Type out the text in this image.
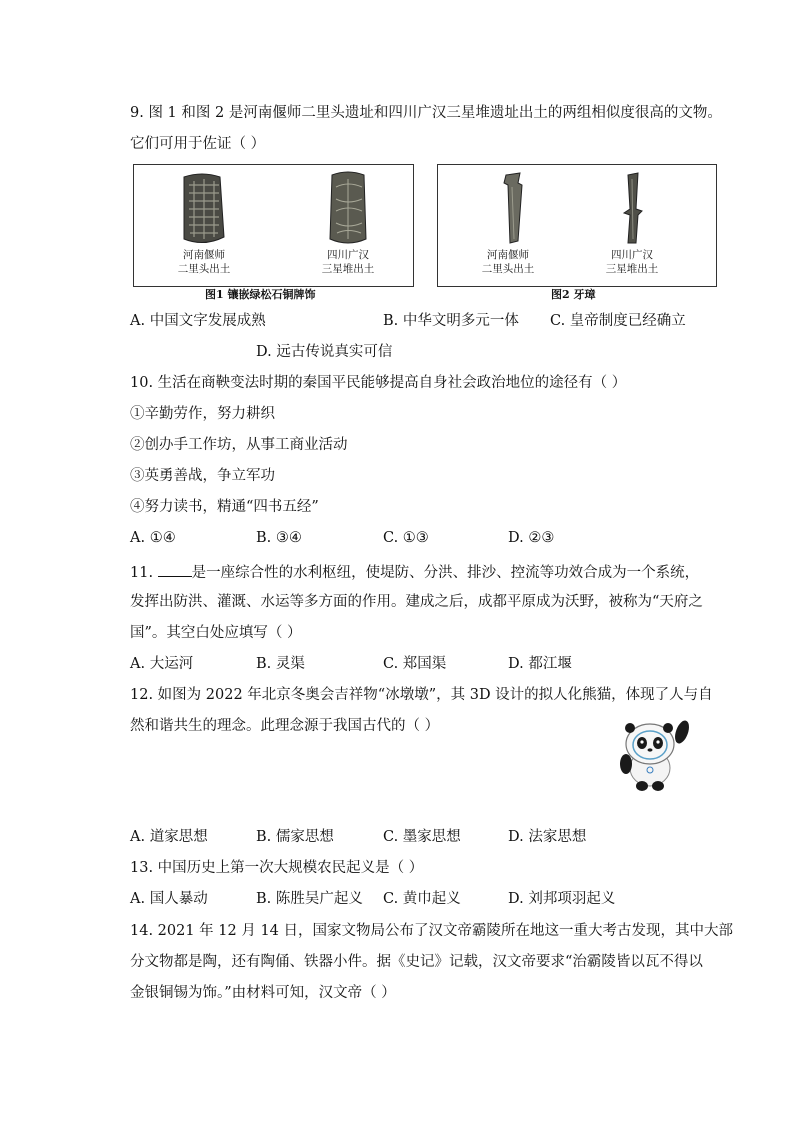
9. 图 1 和图 2 是河南偃师二里头遗址和四川广汉三星堆遗址出土的两组相似度很高的文物。
它们可用于佐证（ ）
河南偃师
二里头出土
四川广汉
三星堆出土
图1 镶嵌绿松石铜牌饰
河南偃师
二里头出土
四川广汉
三星堆出土
图2 牙璋
A. 中国文字发展成熟	B. 中华文明多元一体 C. 皇帝制度已经确立
D. 远古传说真实可信
10. 生活在商鞅变法时期的秦国平民能够提高自身社会政治地位的途径有（ ）
①辛勤劳作，努力耕织
②创办手工作坊，从事工商业活动
③英勇善战，争立军功
④努力读书，精通“四书五经”
A. ①④	B. ③④	C. ①③	D. ②③
11. 是一座综合性的水利枢纽，使堤防、分洪、排沙、控流等功效合成为一个系统，
发挥出防洪、灌溉、水运等多方面的作用。建成之后，成都平原成为沃野，被称为“天府之
国”。其空白处应填写（ ）
A. 大运河	B. 灵渠	C. 郑国渠	D. 都江堰
12. 如图为 2022 年北京冬奥会吉祥物“冰墩墩”，其 3D 设计的拟人化熊猫，体现了人与自
然和谐共生的理念。此理念源于我国古代的（ ）
A. 道家思想	B. 儒家思想	C. 墨家思想	D. 法家思想
13. 中国历史上第一次大规模农民起义是（ ）
A. 国人暴动	B. 陈胜吴广起义 C. 黄巾起义	D. 刘邦项羽起义
14. 2021 年 12 月 14 日，国家文物局公布了汉文帝霸陵所在地这一重大考古发现，其中大部
分文物都是陶，还有陶俑、铁器小件。据《史记》记载，汉文帝要求“治霸陵皆以瓦不得以
金银铜锡为饰。”由材料可知，汉文帝（ ）
